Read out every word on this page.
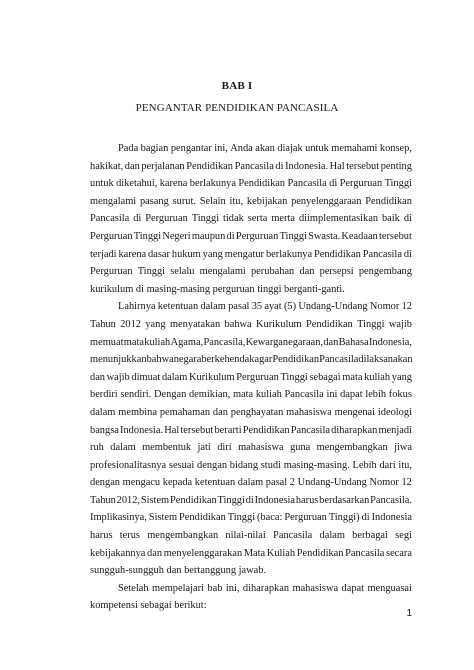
BAB I
PENGANTAR PENDIDIKAN PANCASILA
Pada bagian pengantar ini, Anda akan diajak untuk memahami konsep,
hakikat, dan perjalanan Pendidikan Pancasila di Indonesia. Hal tersebut penting
untuk diketahui, karena berlakunya Pendidikan Pancasila di Perguruan Tinggi
mengalami pasang surut. Selain itu, kebijakan penyelenggaraan Pendidikan
Pancasila di Perguruan Tinggi tidak serta merta diimplementasikan baik di
Perguruan Tinggi Negeri maupun di Perguruan Tinggi Swasta. Keadaan tersebut
terjadi karena dasar hukum yang mengatur berlakunya Pendidikan Pancasila di
Perguruan Tinggi selalu mengalami perubahan dan persepsi pengembang
kurikulum di masing-masing perguruan tinggi berganti-ganti.
Lahirnya ketentuan dalam pasal 35 ayat (5) Undang-Undang Nomor 12
Tahun 2012 yang menyatakan bahwa Kurikulum Pendidikan Tinggi wajib
memuat mata kuliah Agama, Pancasila, Kewarganegaraan, dan Bahasa Indonesia,
menunjukkan bahwa negara berkehendak agar Pendidikan Pancasila dilaksanakan
dan wajib dimuat dalam Kurikulum Perguruan Tinggi sebagai mata kuliah yang
berdiri sendiri. Dengan demikian, mata kuliah Pancasila ini dapat lebih fokus
dalam membina pemahaman dan penghayatan mahasiswa mengenai ideologi
bangsa Indonesia. Hal tersebut berarti Pendidikan Pancasila diharapkan menjadi
ruh dalam membentuk jati diri mahasiswa guna mengembangkan jiwa
profesionalitasnya sesuai dengan bidang studi masing-masing. Lebih dari itu,
dengan mengacu kepada ketentuan dalam pasal 2 Undang-Undang Nomor 12
Tahun 2012, Sistem Pendidikan Tinggi di Indonesia harus berdasarkan Pancasila.
Implikasinya, Sistem Pendidikan Tinggi (baca: Perguruan Tinggi) di Indonesia
harus terus mengembangkan nilai-nilai Pancasila dalam berbagai segi
kebijakannya dan menyelenggarakan Mata Kuliah Pendidikan Pancasila secara
sungguh-sungguh dan bertanggung jawab.
Setelah mempelajari bab ini, diharapkan mahasiswa dapat menguasai
kompetensi sebagai berikut:
1
